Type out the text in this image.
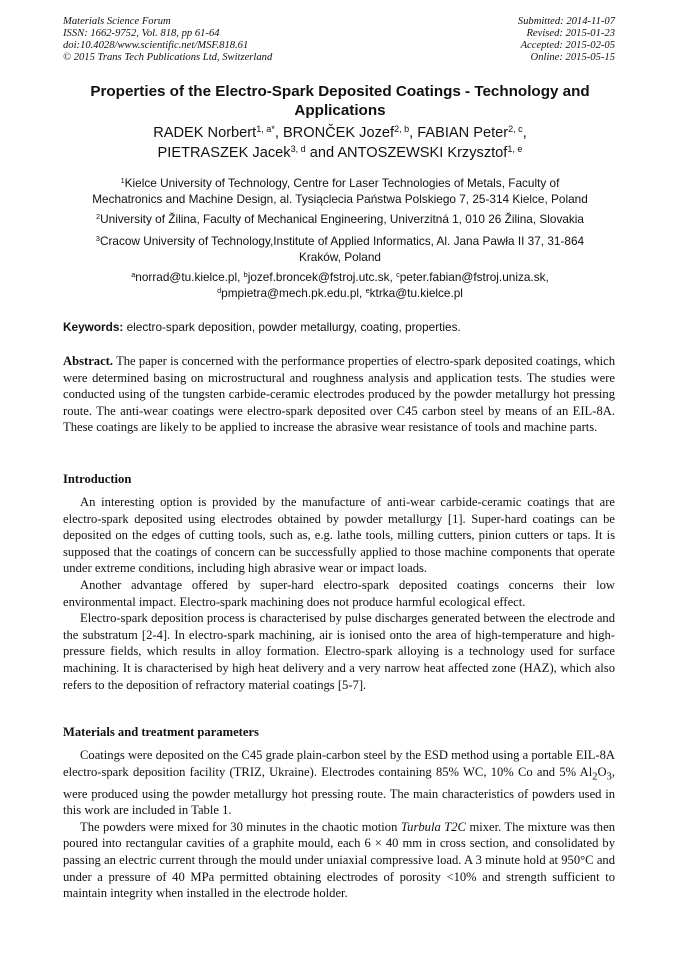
Materials Science Forum
ISSN: 1662-9752, Vol. 818, pp 61-64
doi:10.4028/www.scientific.net/MSF.818.61
© 2015 Trans Tech Publications Ltd, Switzerland
Submitted: 2014-11-07
Revised: 2015-01-23
Accepted: 2015-02-05
Online: 2015-05-15
Properties of the Electro-Spark Deposited Coatings - Technology and
Applications
RADEK Norbert$^{1, a*}$, BRONČEK Jozef$^{2, b}$, FABIAN Peter$^{2, c}$,
PIETRASZEK Jacek$^{3, d}$ and ANTOSZEWSKI Krzysztof$^{1, e}$
$^1$Kielce University of Technology, Centre for Laser Technologies of Metals, Faculty of
Mechatronics and Machine Design, al. Tysiąclecia Państwa Polskiego 7, 25-314 Kielce, Poland
$^2$University of Žilina, Faculty of Mechanical Engineering, Univerzitná 1, 010 26 Žilina, Slovakia
$^3$Cracow University of Technology,Institute of Applied Informatics, Al. Jana Pawła II 37, 31-864
Kraków, Poland
$^a$norrad@tu.kielce.pl, $^b$jozef.broncek@fstroj.utc.sk, $^c$peter.fabian@fstroj.uniza.sk,
$^d$pmpietra@mech.pk.edu.pl, $^e$ktrka@tu.kielce.pl
Keywords: electro-spark deposition, powder metallurgy, coating, properties.

Abstract. The paper is concerned with the performance properties of electro-spark deposited coatings, which were determined basing on microstructural and roughness analysis and application tests. The studies were conducted using of the tungsten carbide-ceramic electrodes produced by the powder metallurgy hot pressing route. The anti-wear coatings were electro-spark deposited over C45 carbon steel by means of an EIL-8A. These coatings are likely to be applied to increase the abrasive wear resistance of tools and machine parts.

Introduction

An interesting option is provided by the manufacture of anti-wear carbide-ceramic coatings that are electro-spark deposited using electrodes obtained by powder metallurgy [1]. Super-hard coatings can be deposited on the edges of cutting tools, such as, e.g. lathe tools, milling cutters, pinion cutters or taps. It is supposed that the coatings of concern can be successfully applied to those machine components that operate under extreme conditions, including high abrasive wear or impact loads.

Another advantage offered by super-hard electro-spark deposited coatings concerns their low environmental impact. Electro-spark machining does not produce harmful ecological effect.

Electro-spark deposition process is characterised by pulse discharges generated between the electrode and the substratum [2-4]. In electro-spark machining, air is ionised onto the area of high-temperature and high-pressure fields, which results in alloy formation. Electro-spark alloying is a technology used for surface machining. It is characterised by high heat delivery and a very narrow heat affected zone (HAZ), which also refers to the deposition of refractory material coatings [5-7].

Materials and treatment parameters

Coatings were deposited on the C45 grade plain-carbon steel by the ESD method using a portable EIL-8A electro-spark deposition facility (TRIZ, Ukraine). Electrodes containing 85% WC, 10% Co and 5% $Al_2O_3$, were produced using the powder metallurgy hot pressing route. The main characteristics of powders used in this work are included in Table 1.

The powders were mixed for 30 minutes in the chaotic motion Turbula T2C mixer. The mixture was then poured into rectangular cavities of a graphite mould, each 6 × 40 mm in cross section, and consolidated by passing an electric current through the mould under uniaxial compressive load. A 3 minute hold at 950°C and under a pressure of 40 MPa permitted obtaining electrodes of porosity <10% and strength sufficient to maintain integrity when installed in the electrode holder.
